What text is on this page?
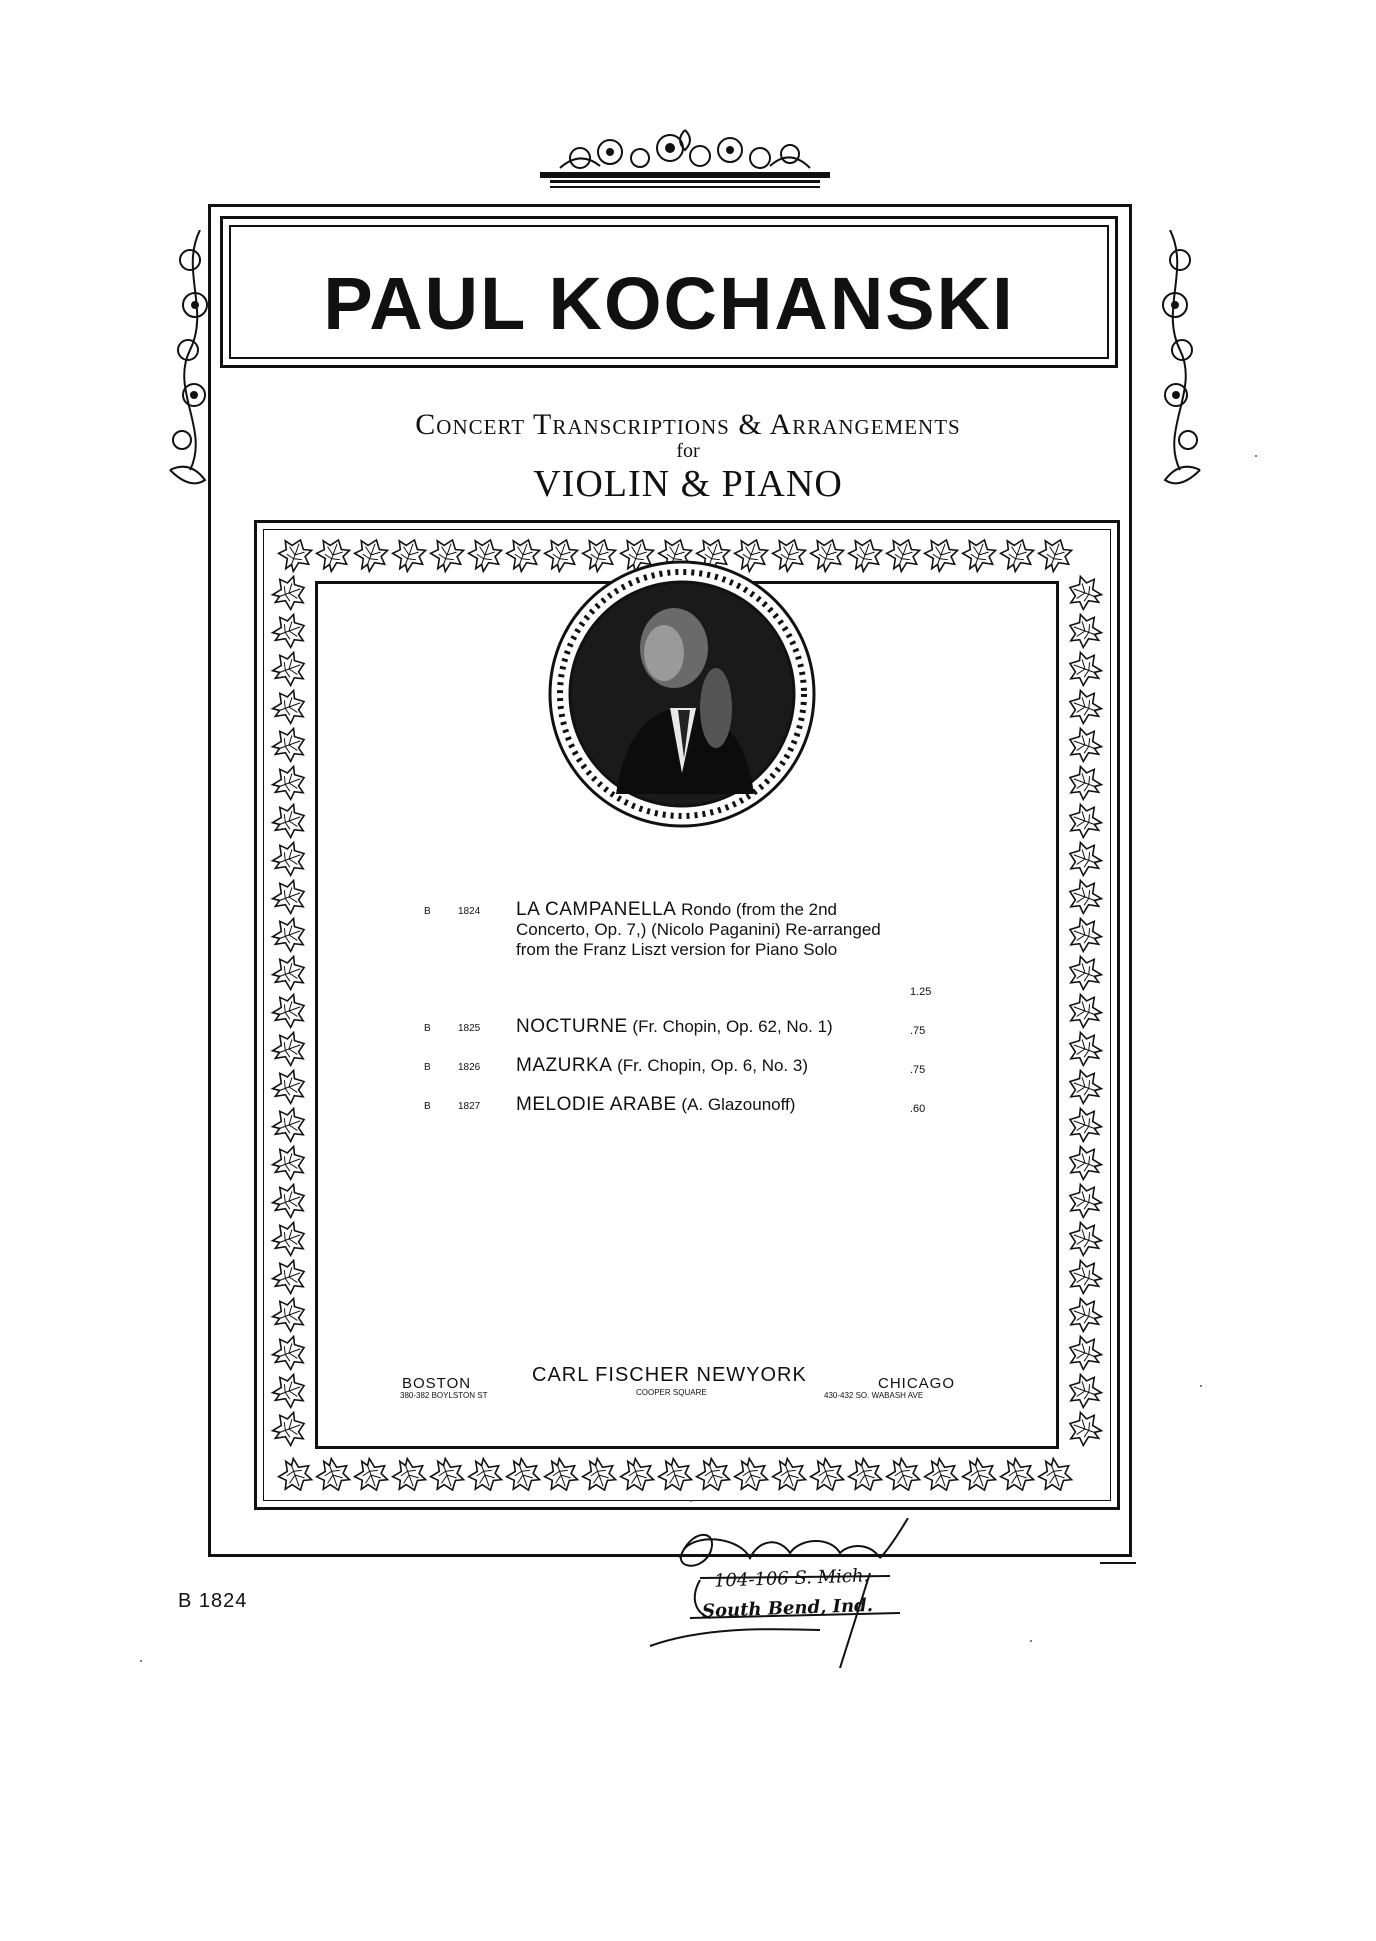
PAUL KOCHANSKI
Concert Transcriptions & Arrangements
for
VIOLIN & PIANO
B	1824 LA CAMPANELLA Rondo (from the 2nd Concerto, Op. 7,) (Nicolo Paganini) Re-arranged from the Franz Liszt version for Piano Solo
1.25
B	1825 NOCTURNE (Fr. Chopin, Op. 62, No. 1)	.75
B	1826 MAZURKA (Fr. Chopin, Op. 6, No. 3)	.75
B	1827 MELODIE ARABE (A. Glazounoff)	.60
BOSTON
380-382 BOYLSTON ST
CARL FISCHER NEWYORK
COOPER SQUARE
CHICAGO
430-432 SO. WABASH AVE
B 1824
104-106 S. Mich.
South Bend, Ind.
